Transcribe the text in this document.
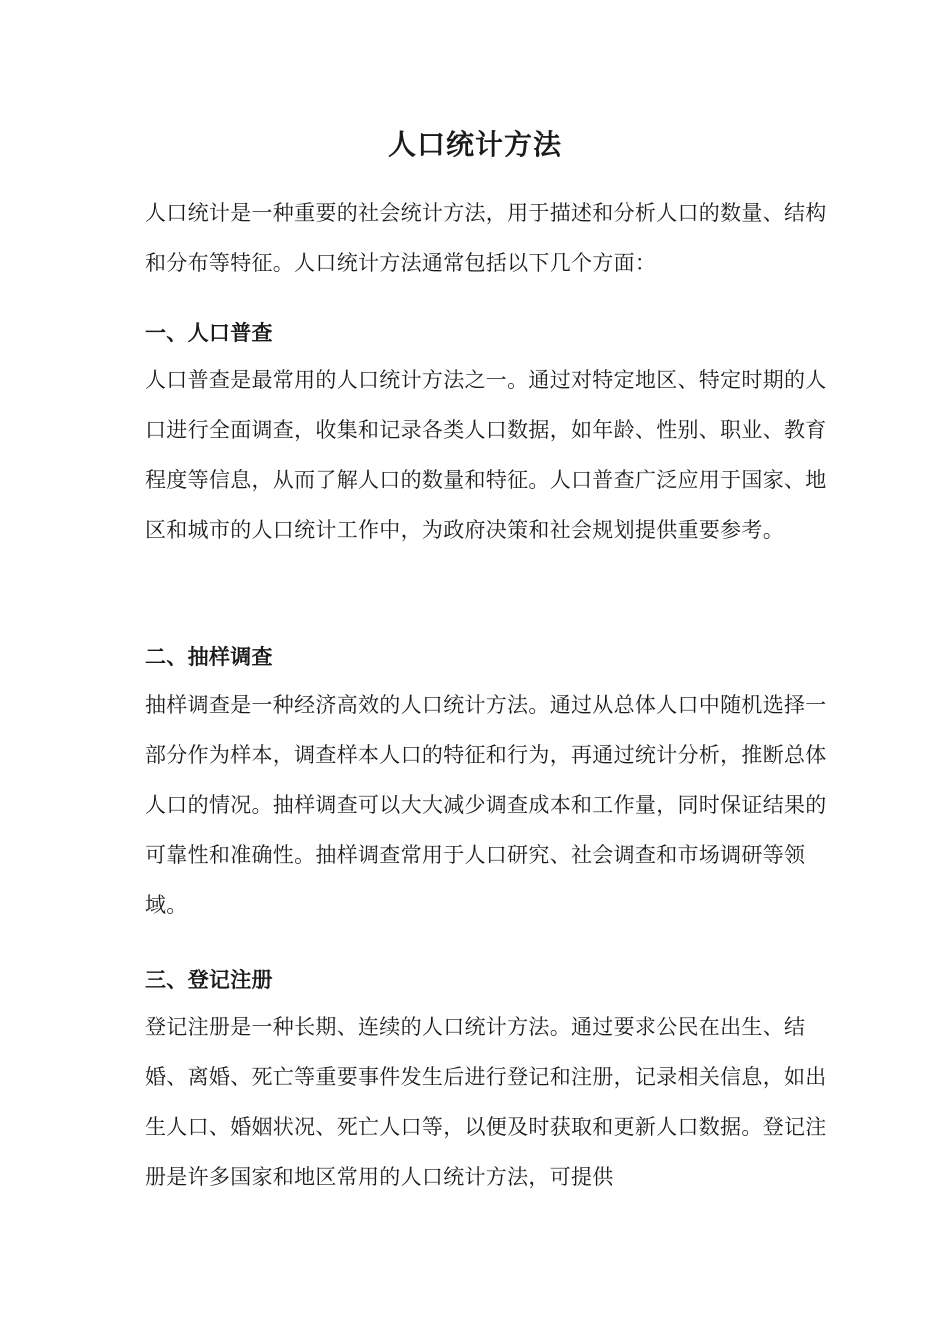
人口统计方法

人口统计是一种重要的社会统计方法，用于描述和分析人口的数量、结构和分布等特征。人口统计方法通常包括以下几个方面：

一、人口普查

人口普查是最常用的人口统计方法之一。通过对特定地区、特定时期的人口进行全面调查，收集和记录各类人口数据，如年龄、性别、职业、教育程度等信息，从而了解人口的数量和特征。人口普查广泛应用于国家、地区和城市的人口统计工作中，为政府决策和社会规划提供重要参考。

二、抽样调查

抽样调查是一种经济高效的人口统计方法。通过从总体人口中随机选择一部分作为样本，调查样本人口的特征和行为，再通过统计分析，推断总体人口的情况。抽样调查可以大大减少调查成本和工作量，同时保证结果的可靠性和准确性。抽样调查常用于人口研究、社会调查和市场调研等领域。

三、登记注册

登记注册是一种长期、连续的人口统计方法。通过要求公民在出生、结婚、离婚、死亡等重要事件发生后进行登记和注册，记录相关信息，如出生人口、婚姻状况、死亡人口等，以便及时获取和更新人口数据。登记注册是许多国家和地区常用的人口统计方法，可提供
